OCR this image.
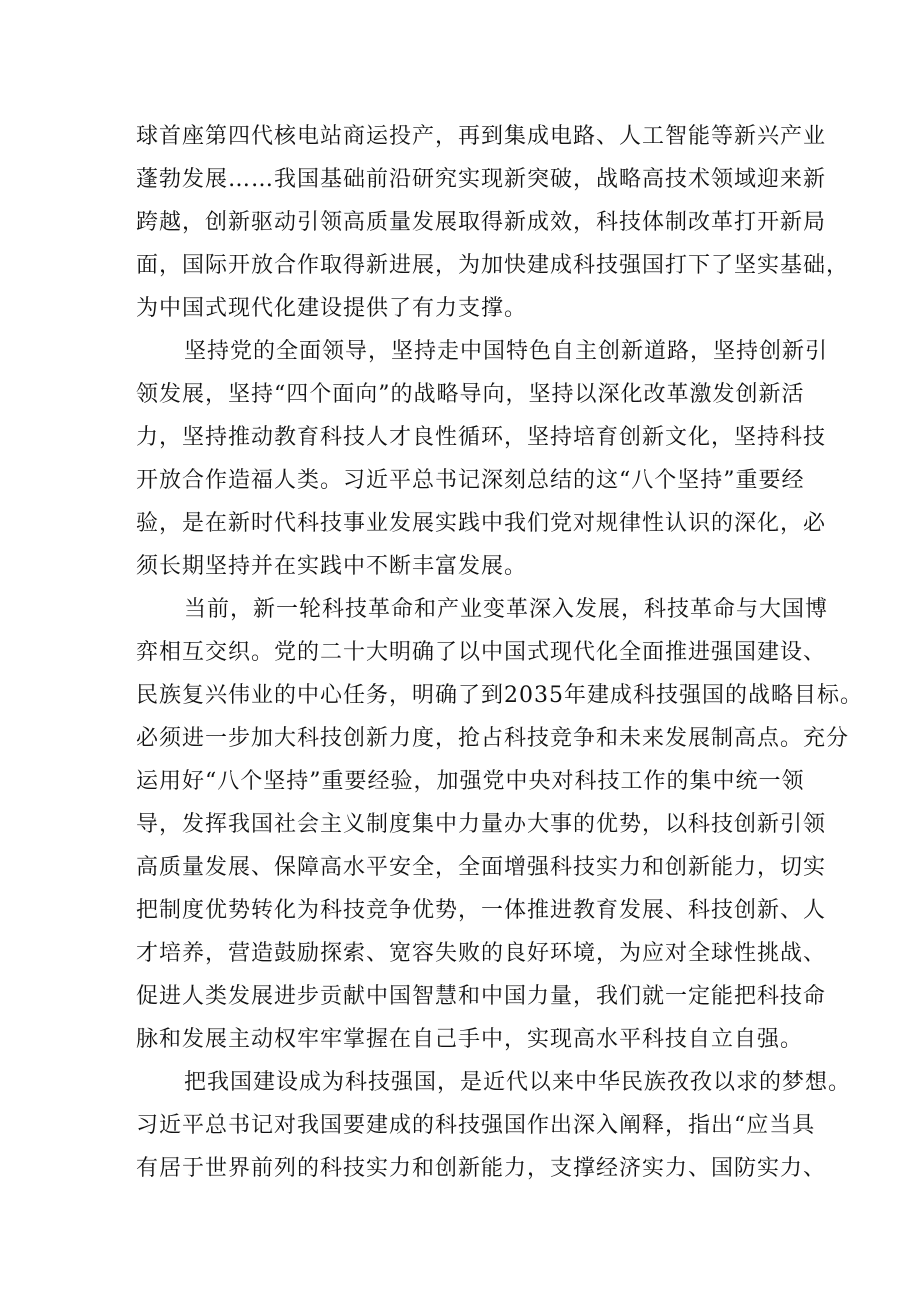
球首座第四代核电站商运投产，再到集成电路、人工智能等新兴产业
蓬勃发展……我国基础前沿研究实现新突破，战略高技术领域迎来新
跨越，创新驱动引领高质量发展取得新成效，科技体制改革打开新局
面，国际开放合作取得新进展，为加快建成科技强国打下了坚实基础，
为中国式现代化建设提供了有力支撑。
坚持党的全面领导，坚持走中国特色自主创新道路，坚持创新引
领发展，坚持“四个面向”的战略导向，坚持以深化改革激发创新活
力，坚持推动教育科技人才良性循环，坚持培育创新文化，坚持科技
开放合作造福人类。习近平总书记深刻总结的这“八个坚持”重要经
验，是在新时代科技事业发展实践中我们党对规律性认识的深化，必
须长期坚持并在实践中不断丰富发展。
当前，新一轮科技革命和产业变革深入发展，科技革命与大国博
弈相互交织。党的二十大明确了以中国式现代化全面推进强国建设、
民族复兴伟业的中心任务，明确了到2035年建成科技强国的战略目标。
必须进一步加大科技创新力度，抢占科技竞争和未来发展制高点。充分
运用好“八个坚持”重要经验，加强党中央对科技工作的集中统一领
导，发挥我国社会主义制度集中力量办大事的优势，以科技创新引领
高质量发展、保障高水平安全，全面增强科技实力和创新能力，切实
把制度优势转化为科技竞争优势，一体推进教育发展、科技创新、人
才培养，营造鼓励探索、宽容失败的良好环境，为应对全球性挑战、
促进人类发展进步贡献中国智慧和中国力量，我们就一定能把科技命
脉和发展主动权牢牢掌握在自己手中，实现高水平科技自立自强。
把我国建设成为科技强国，是近代以来中华民族孜孜以求的梦想。
习近平总书记对我国要建成的科技强国作出深入阐释，指出“应当具
有居于世界前列的科技实力和创新能力，支撑经济实力、国防实力、
